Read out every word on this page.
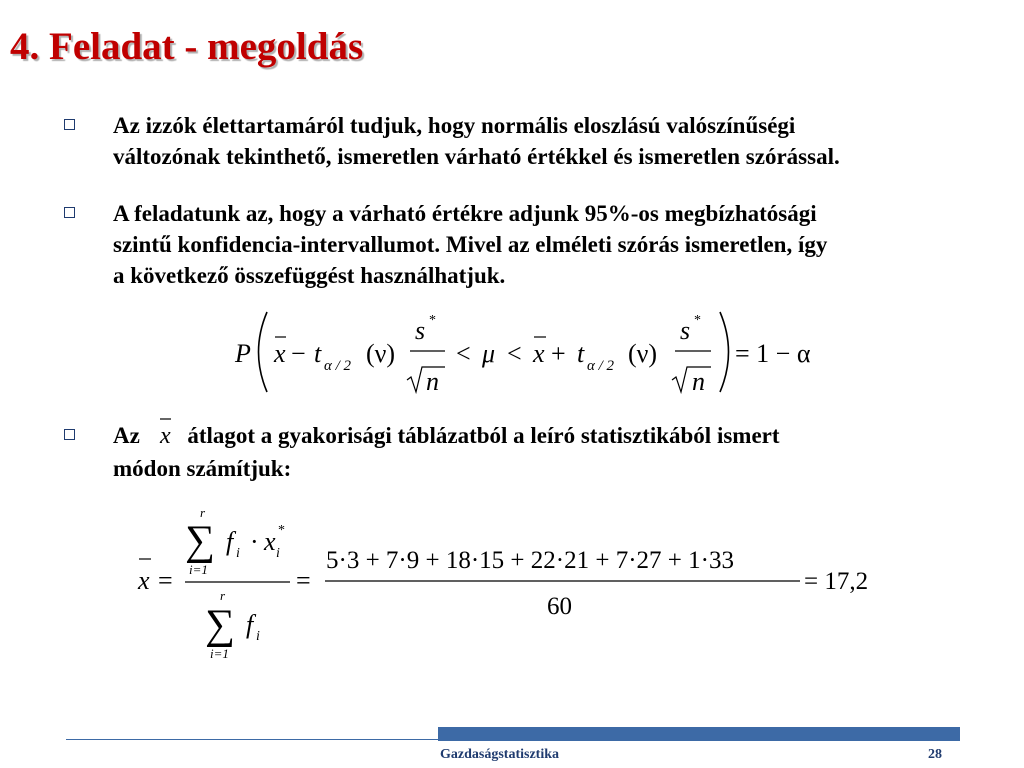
4. Feladat - megoldás
Az izzók élettartamáról tudjuk, hogy normális eloszlású valószínűségi
változónak tekinthető, ismeretlen várható értékkel és ismeretlen szórással.
A feladatunk az, hogy a várható értékre adjunk 95%-os megbízhatósági
szintű konfidencia-intervallumot. Mivel az elméleti szórás ismeretlen, így
a következő összefüggést használhatjuk.
P x − t α / 2 (ν)
s *
n
< μ < x + t α / 2 (ν)
s *
n
= 1 − α
Az x átlagot a gyakorisági táblázatból a leíró statisztikából ismert
módon számítjuk:
x =
r
∑
i=1
f i · x i
*
r
∑
i=1
f i
=
5·3 + 7·9 + 18·15 + 22·21 + 7·27 + 1·33
60
= 17,2
Gazdaságstatisztika	28
